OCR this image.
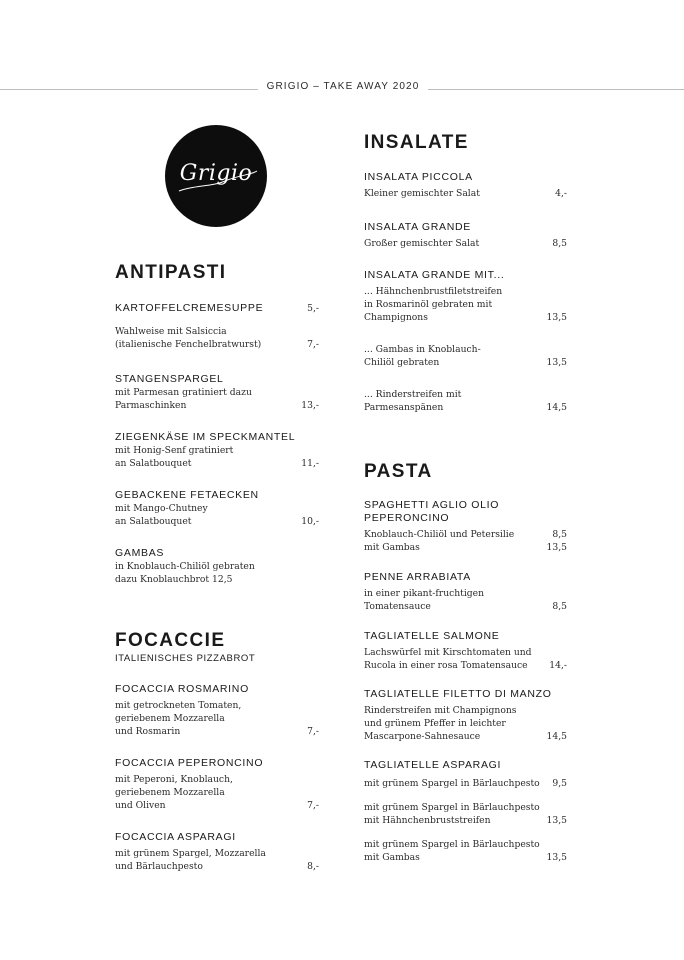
GRIGIO – TAKE AWAY 2020
Grigio
ANTIPASTI
KARTOFFELCREMESUPPE	5,-
Wahlweise mit Salsiccia
(italienische Fenchelbratwurst)	7,-
STANGENSPARGEL
mit Parmesan gratiniert dazu
Parmaschinken	13,-
ZIEGENKÄSE IM SPECKMANTEL
mit Honig-Senf gratiniert
an Salatbouquet	11,-
GEBACKENE FETAECKEN
mit Mango-Chutney
an Salatbouquet	10,-
GAMBAS
in Knoblauch-Chiliöl gebraten
dazu Knoblauchbrot 12,5
FOCACCIE
ITALIENISCHES PIZZABROT
FOCACCIA ROSMARINO
mit getrockneten Tomaten,
geriebenem Mozzarella
und Rosmarin	7,-
FOCACCIA PEPERONCINO
mit Peperoni, Knoblauch,
geriebenem Mozzarella
und Oliven	7,-
FOCACCIA ASPARAGI
mit grünem Spargel, Mozzarella
und Bärlauchpesto	8,-
INSALATE
INSALATA PICCOLA
Kleiner gemischter Salat	4,-
INSALATA GRANDE
Großer gemischter Salat	8,5
INSALATA GRANDE MIT...
... Hähnchenbrustfiletstreifen
in Rosmarinöl gebraten mit
Champignons	13,5
... Gambas in Knoblauch-
Chiliöl gebraten	13,5
... Rinderstreifen mit
Parmesanspänen	14,5
PASTA
SPAGHETTI AGLIO OLIO
PEPERONCINO
Knoblauch-Chiliöl und Petersilie	8,5
mit Gambas	13,5
PENNE ARRABIATA
in einer pikant-fruchtigen
Tomatensauce	8,5
TAGLIATELLE SALMONE
Lachswürfel mit Kirschtomaten und
Rucola in einer rosa Tomatensauce	14,-
TAGLIATELLE FILETTO DI MANZO
Rinderstreifen mit Champignons
und grünem Pfeffer in leichter
Mascarpone-Sahnesauce	14,5
TAGLIATELLE ASPARAGI
mit grünem Spargel in Bärlauchpesto	9,5
mit grünem Spargel in Bärlauchpesto
mit Hähnchenbruststreifen	13,5
mit grünem Spargel in Bärlauchpesto
mit Gambas	13,5
